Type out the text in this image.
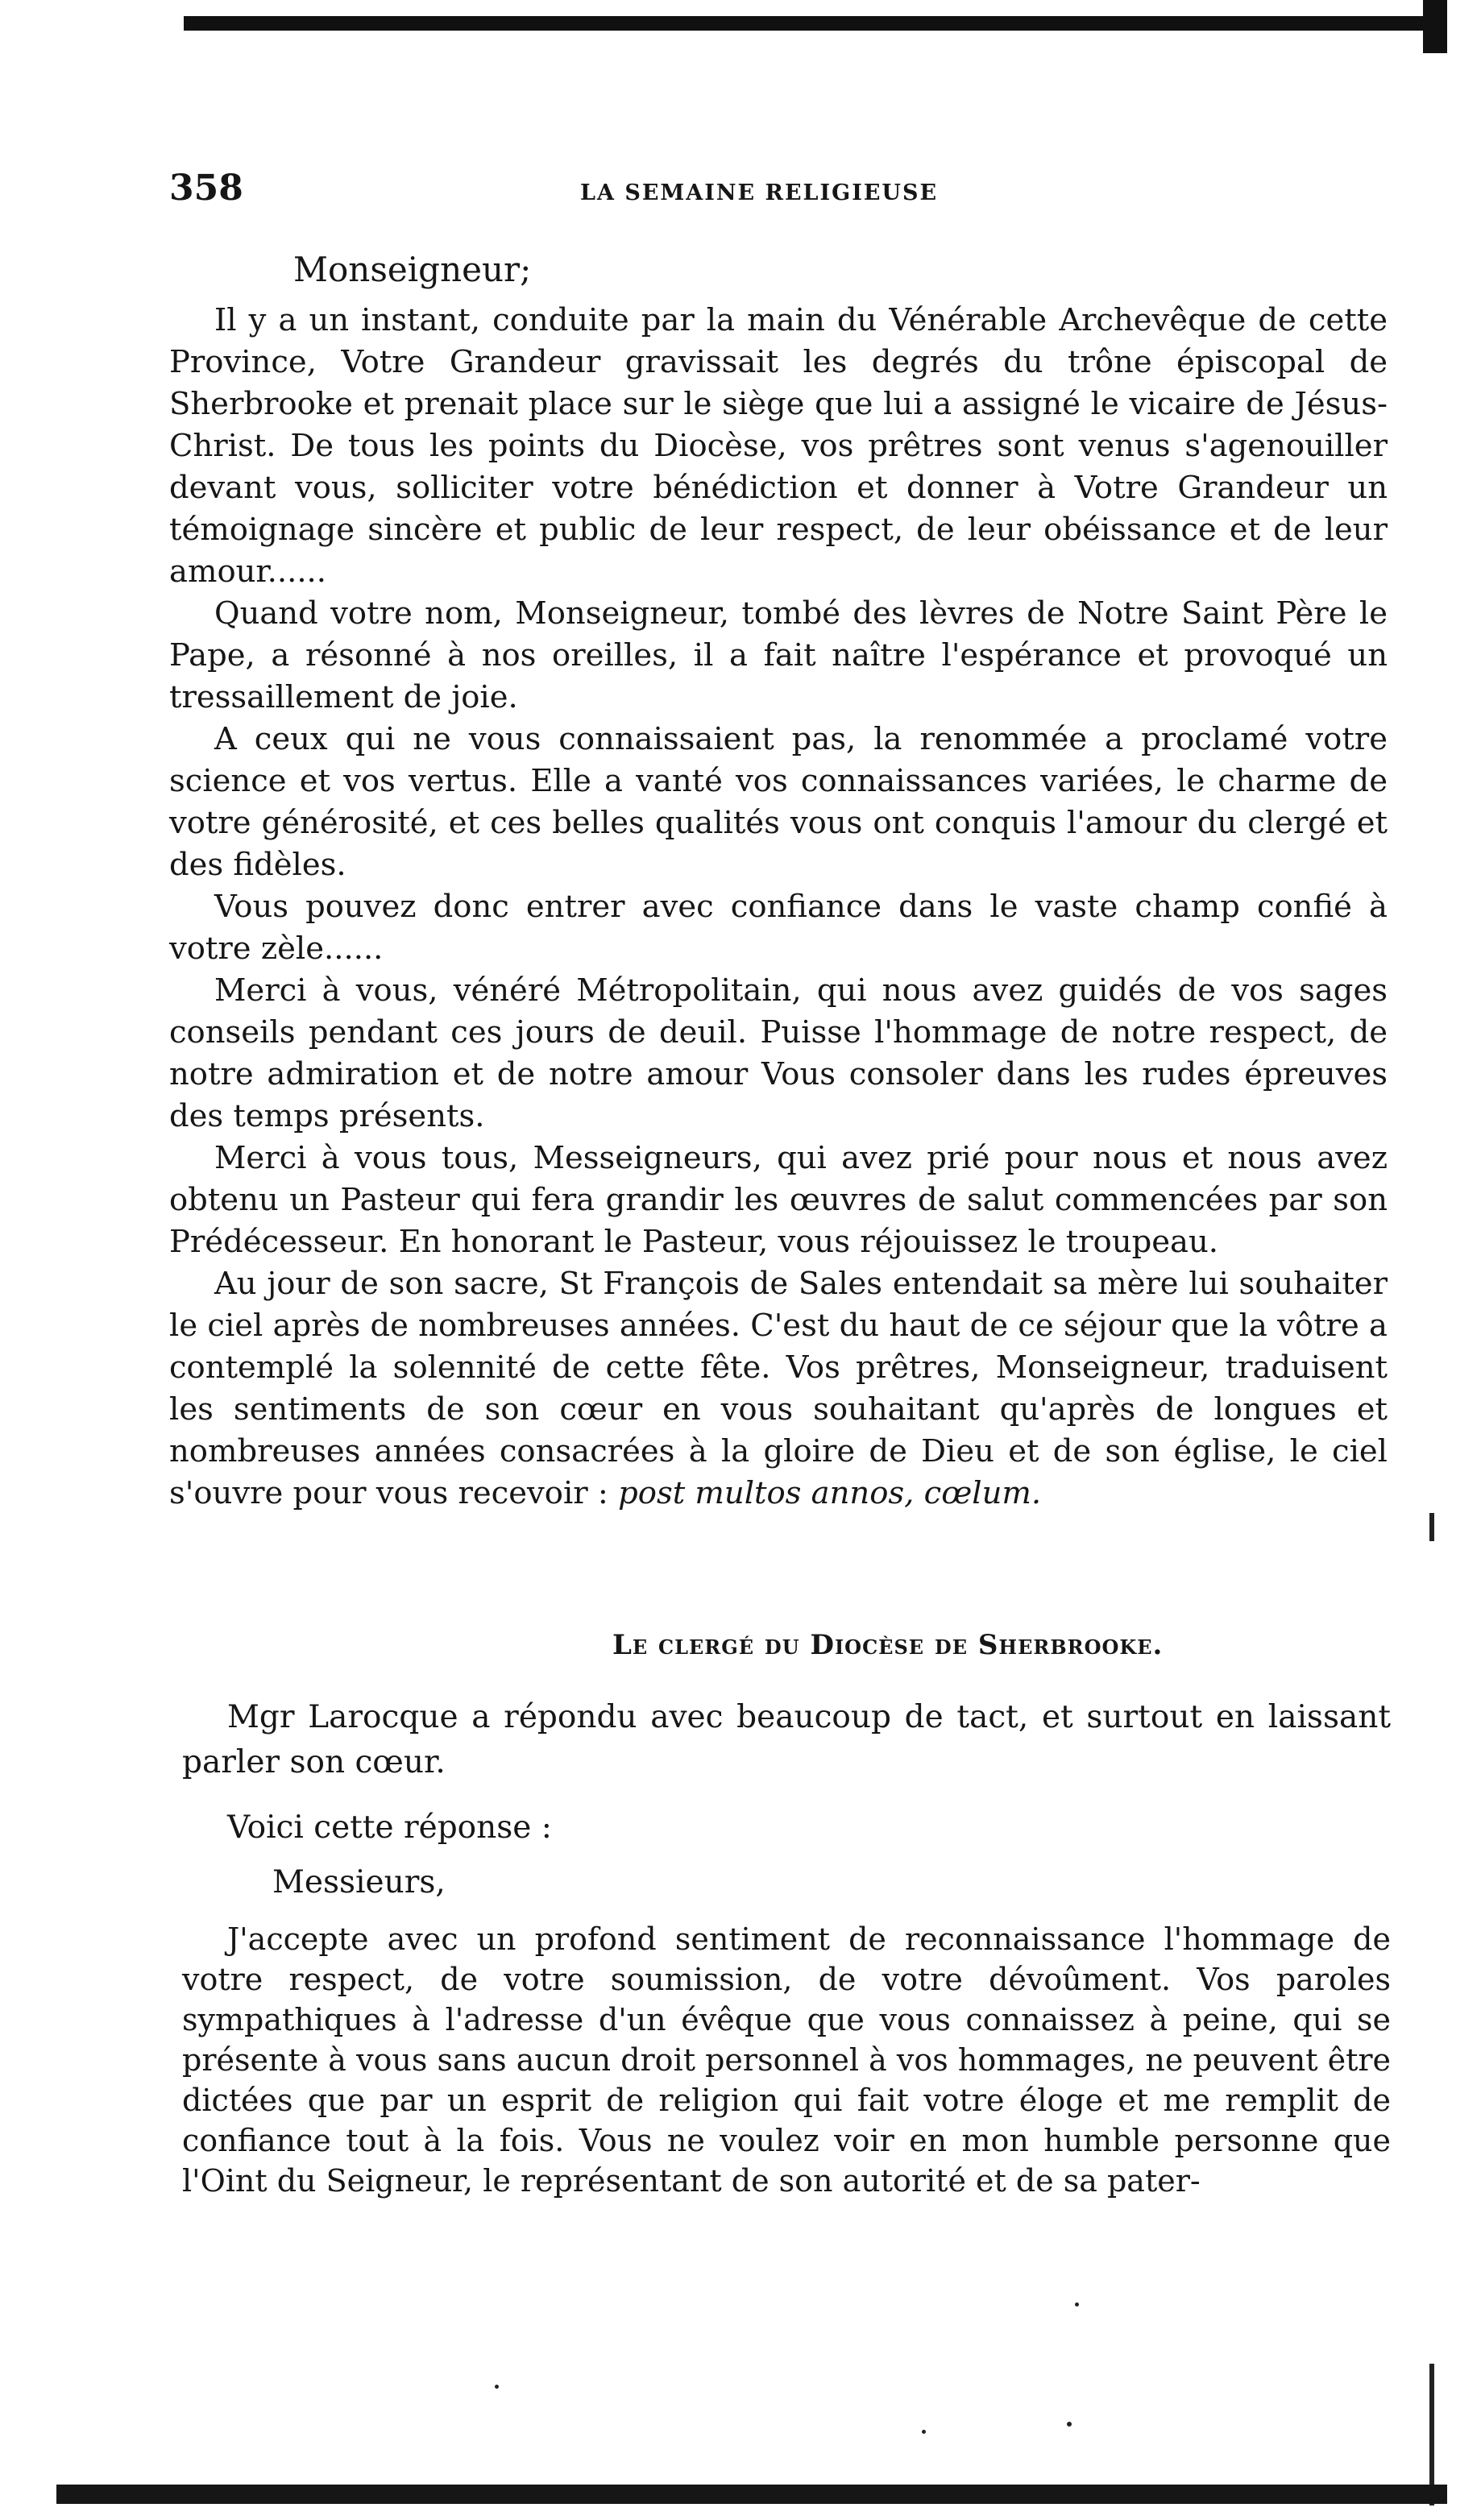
358	LA SEMAINE RELIGIEUSE
Monseigneur;

Il y a un instant, conduite par la main du Vénérable Archevêque de cette Province, Votre Grandeur gravissait les degrés du trône épiscopal de Sherbrooke et prenait place sur le siège que lui a assigné le vicaire de Jésus-Christ. De tous les points du Diocèse, vos prêtres sont venus s'agenouiller devant vous, solliciter votre bénédiction et donner à Votre Grandeur un témoignage sincère et public de leur respect, de leur obéissance et de leur amour......

Quand votre nom, Monseigneur, tombé des lèvres de Notre Saint Père le Pape, a résonné à nos oreilles, il a fait naître l'espérance et provoqué un tressaillement de joie.

A ceux qui ne vous connaissaient pas, la renommée a proclamé votre science et vos vertus. Elle a vanté vos connaissances variées, le charme de votre générosité, et ces belles qualités vous ont conquis l'amour du clergé et des fidèles.

Vous pouvez donc entrer avec confiance dans le vaste champ confié à votre zèle......

Merci à vous, vénéré Métropolitain, qui nous avez guidés de vos sages conseils pendant ces jours de deuil. Puisse l'hommage de notre respect, de notre admiration et de notre amour Vous consoler dans les rudes épreuves des temps présents.

Merci à vous tous, Messeigneurs, qui avez prié pour nous et nous avez obtenu un Pasteur qui fera grandir les œuvres de salut commencées par son Prédécesseur. En honorant le Pasteur, vous réjouissez le troupeau.

Au jour de son sacre, St François de Sales entendait sa mère lui souhaiter le ciel après de nombreuses années. C'est du haut de ce séjour que la vôtre a contemplé la solennité de cette fête. Vos prêtres, Monseigneur, traduisent les sentiments de son cœur en vous souhaitant qu'après de longues et nombreuses années consacrées à la gloire de Dieu et de son église, le ciel s'ouvre pour vous recevoir : post multos annos, cœlum.

Le clergé du Diocèse de Sherbrooke.

Mgr Larocque a répondu avec beaucoup de tact, et surtout en laissant parler son cœur.

Voici cette réponse :
Messieurs,

J'accepte avec un profond sentiment de reconnaissance l'hommage de votre respect, de votre soumission, de votre dévoûment. Vos paroles sympathiques à l'adresse d'un évêque que vous connaissez à peine, qui se présente à vous sans aucun droit personnel à vos hommages, ne peuvent être dictées que par un esprit de religion qui fait votre éloge et me remplit de confiance tout à la fois. Vous ne voulez voir en mon humble personne que l'Oint du Seigneur, le représentant de son autorité et de sa pater-
